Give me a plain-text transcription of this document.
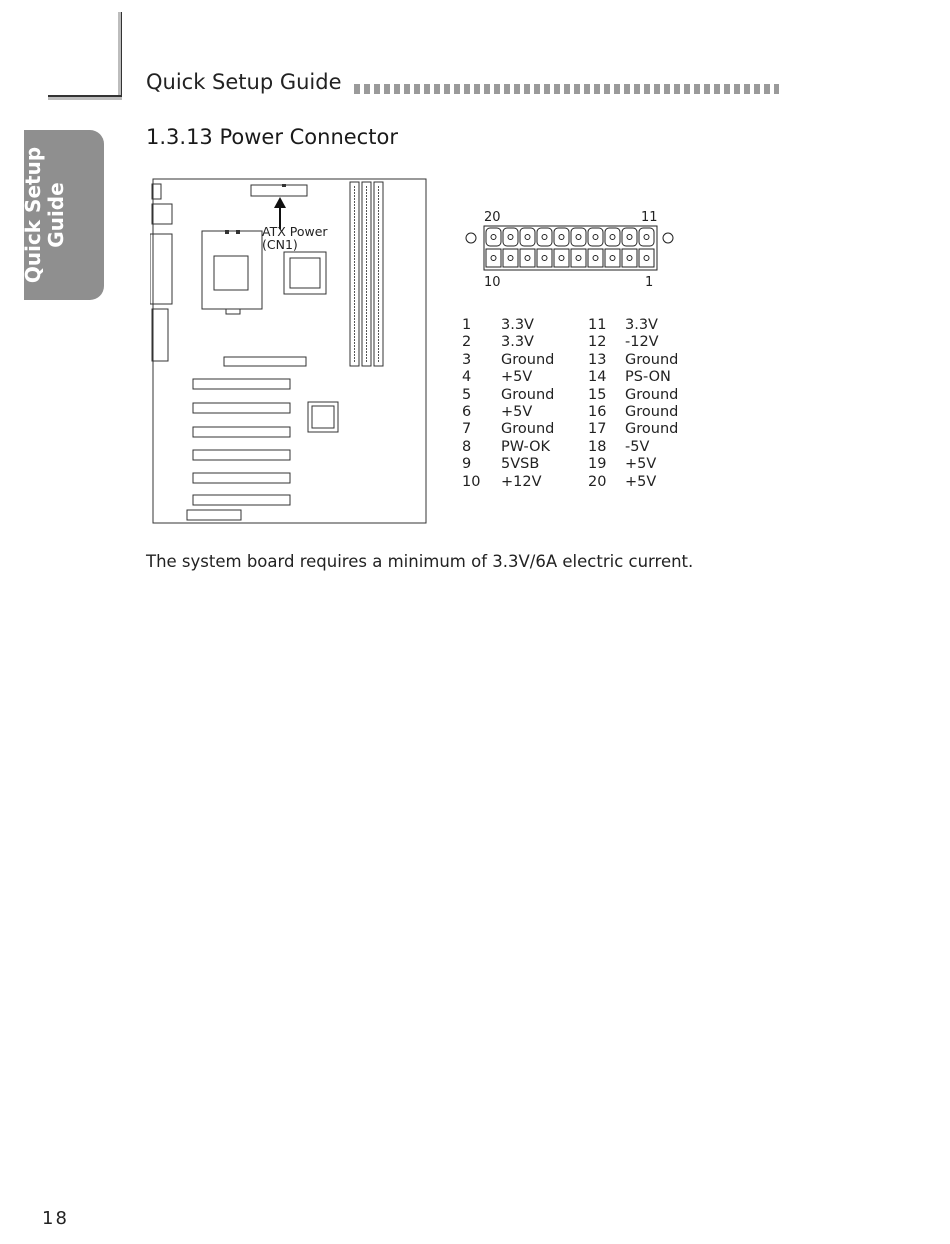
Quick Setup Guide
Quick Setup Guide
1.3.13 Power Connector
ATX Power
(CN1)
20	11
10	1
1 3.3V	11 3.3V
2 3.3V	12 -12V
3 Ground 13 Ground
4 +5V	14 PS-ON
5 Ground 15 Ground
6 +5V	16 Ground
7 Ground 17 Ground
8 PW-OK	18 -5V
9 5VSB	19 +5V
10 +12V	20 +5V
The system board requires a minimum of 3.3V/6A electric current.
18
